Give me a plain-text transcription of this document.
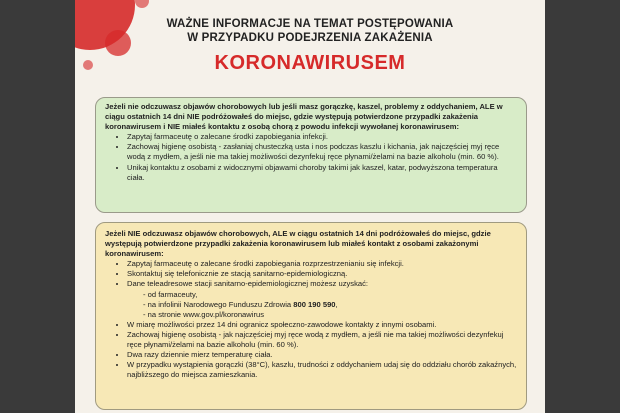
WAŻNE INFORMACJE NA TEMAT POSTĘPOWANIA
W PRZYPADKU PODEJRZENIA ZAKAŻENIA
KORONAWIRUSEM

Jeżeli nie odczuwasz objawów chorobowych lub jeśli masz gorączkę, kaszel, problemy z oddychaniem, ALE w ciągu ostatnich 14 dni NIE podróżowałeś do miejsc, gdzie występują potwierdzone przypadki zakażenia koronawirusem i NIE miałeś kontaktu z osobą chorą z powodu infekcji wywołanej koronawirusem:

• Zapytaj farmaceutę o zalecane środki zapobiegania infekcji.
• Zachowaj higienę osobistą - zasłaniaj chusteczką usta i nos podczas kaszlu i kichania, jak najczęściej myj ręce wodą z mydłem, a jeśli nie ma takiej możliwości dezynfekuj ręce płynami/żelami na bazie alkoholu (min. 60 %).
• Unikaj kontaktu z osobami z widocznymi objawami choroby takimi jak kaszel, katar, podwyższona temperatura ciała.

Jeżeli NIE odczuwasz objawów chorobowych, ALE w ciągu ostatnich 14 dni podróżowałeś do miejsc, gdzie występują potwierdzone przypadki zakażenia koronawirusem lub miałeś kontakt z osobami zakażonymi koronawirusem:

• Zapytaj farmaceutę o zalecane środki zapobiegania rozprzestrzenianiu się infekcji.
• Skontaktuj się telefonicznie ze stacją sanitarno-epidemiologiczną.
• Dane teleadresowe stacji sanitarno-epidemiologicznej możesz uzyskać:
- od farmaceuty,
- na infolinii Narodowego Funduszu Zdrowia 800 190 590,
- na stronie www.gov.pl/koronawirus
• W miarę możliwości przez 14 dni ogranicz społeczno-zawodowe kontakty z innymi osobami.
• Zachowaj higienę osobistą - jak najczęściej myj ręce wodą z mydłem, a jeśli nie ma takiej możliwości dezynfekuj ręce płynami/żelami na bazie alkoholu (min. 60 %).
• Dwa razy dziennie mierz temperaturę ciała.
• W przypadku wystąpienia gorączki (38°C), kaszlu, trudności z oddychaniem udaj się do oddziału chorób zakaźnych, najbliższego do miejsca zamieszkania.
